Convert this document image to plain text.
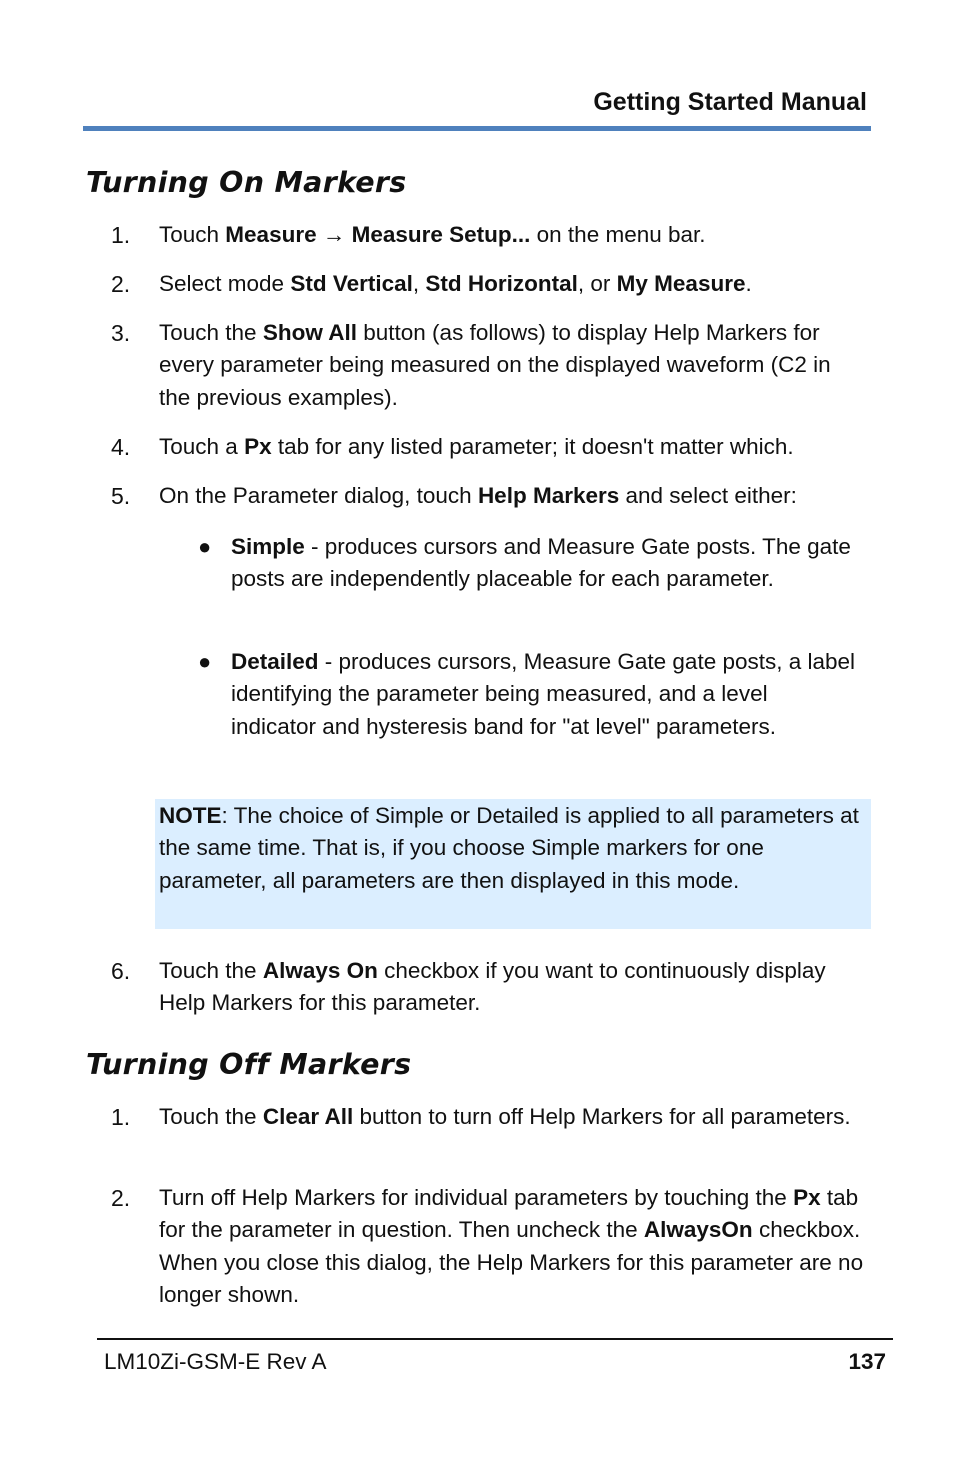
Getting Started Manual
Turning On Markers
1. Touch Measure → Measure Setup... on the menu bar.
2. Select mode Std Vertical, Std Horizontal, or My Measure.
3. Touch the Show All button (as follows) to display Help Markers for every parameter being measured on the displayed waveform (C2 in the previous examples).
4. Touch a Px tab for any listed parameter; it doesn't matter which.
5. On the Parameter dialog, touch Help Markers and select either:
● Simple - produces cursors and Measure Gate posts. The gate posts are independently placeable for each parameter.
● Detailed - produces cursors, Measure Gate gate posts, a label identifying the parameter being measured, and a level indicator and hysteresis band for "at level" parameters.
NOTE: The choice of Simple or Detailed is applied to all parameters at the same time. That is, if you choose Simple markers for one parameter, all parameters are then displayed in this mode.
6. Touch the Always On checkbox if you want to continuously display Help Markers for this parameter.
Turning Off Markers
1. Touch the Clear All button to turn off Help Markers for all parameters.
2. Turn off Help Markers for individual parameters by touching the Px tab for the parameter in question. Then uncheck the AlwaysOn checkbox. When you close this dialog, the Help Markers for this parameter are no longer shown.
LM10Zi-GSM-E Rev A	137
